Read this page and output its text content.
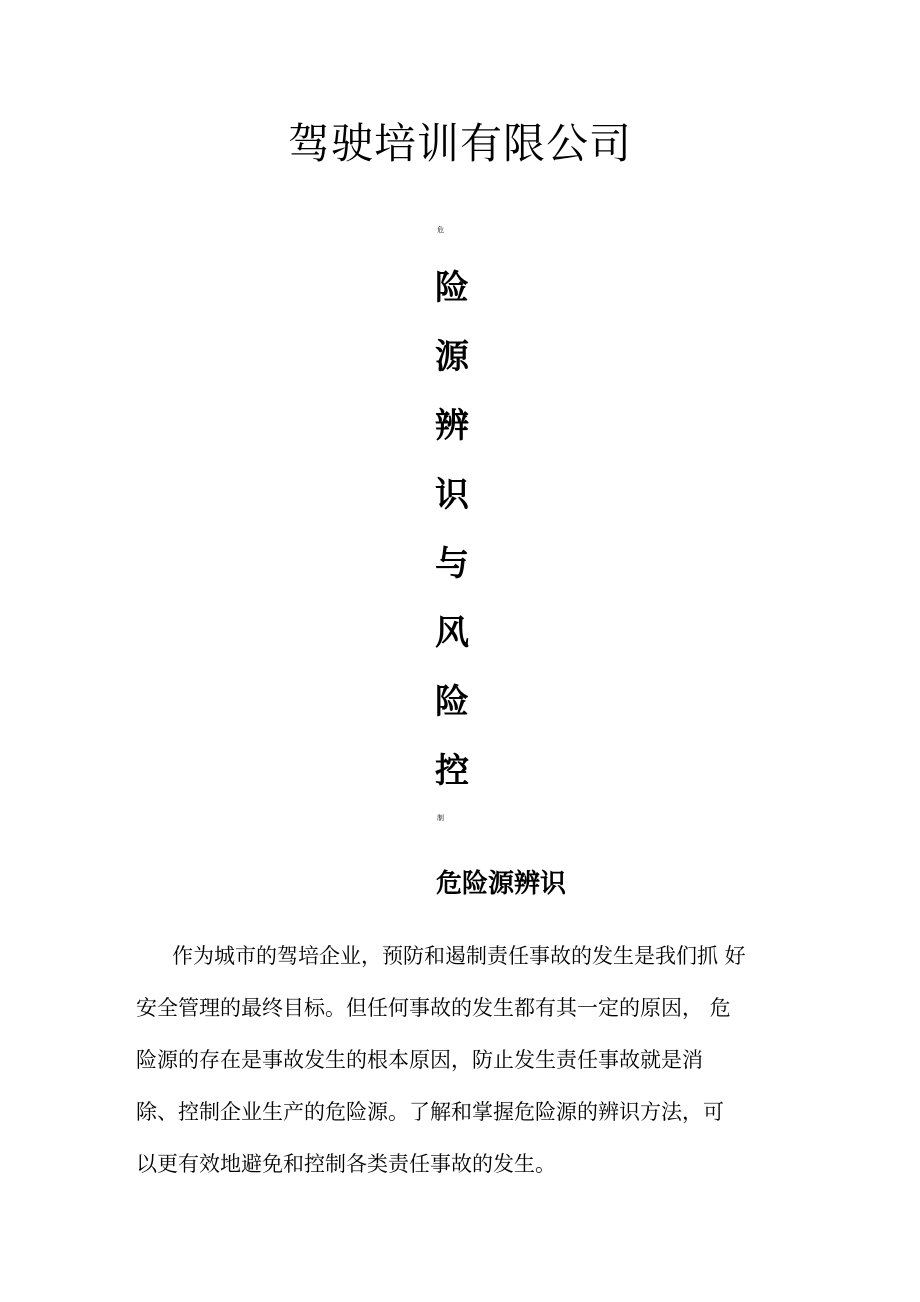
驾驶培训有限公司
危
险
源
辨
识
与
风
险
控
制
危险源辨识
作为城市的驾培企业，预防和遏制责任事故的发生是我们抓 好
安全管理的最终目标。但任何事故的发生都有其一定的原因， 危
险源的存在是事故发生的根本原因，防止发生责任事故就是消
除、控制企业生产的危险源。了解和掌握危险源的辨识方法，可
以更有效地避免和控制各类责任事故的发生。
